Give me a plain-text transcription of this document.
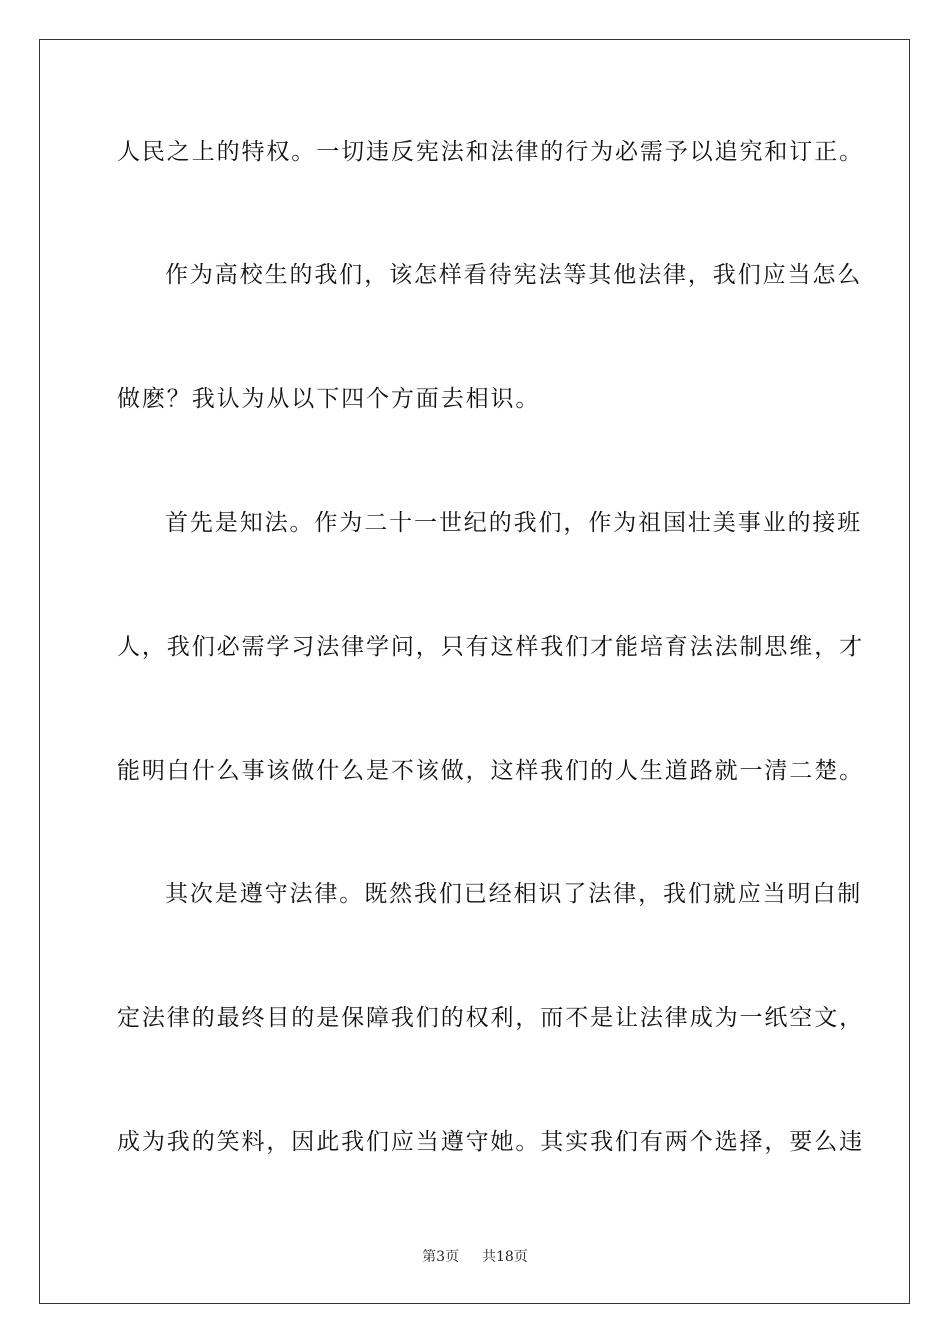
人民之上的特权。一切违反宪法和法律的行为必需予以追究和订正。
作为高校生的我们，该怎样看待宪法等其他法律，我们应当怎么
做麽？我认为从以下四个方面去相识。
首先是知法。作为二十一世纪的我们，作为祖国壮美事业的接班
人，我们必需学习法律学问，只有这样我们才能培育法法制思维，才
能明白什么事该做什么是不该做，这样我们的人生道路就一清二楚。
其次是遵守法律。既然我们已经相识了法律，我们就应当明白制
定法律的最终目的是保障我们的权利，而不是让法律成为一纸空文，
成为我的笑料，因此我们应当遵守她。其实我们有两个选择，要么违
第3页 共18页
